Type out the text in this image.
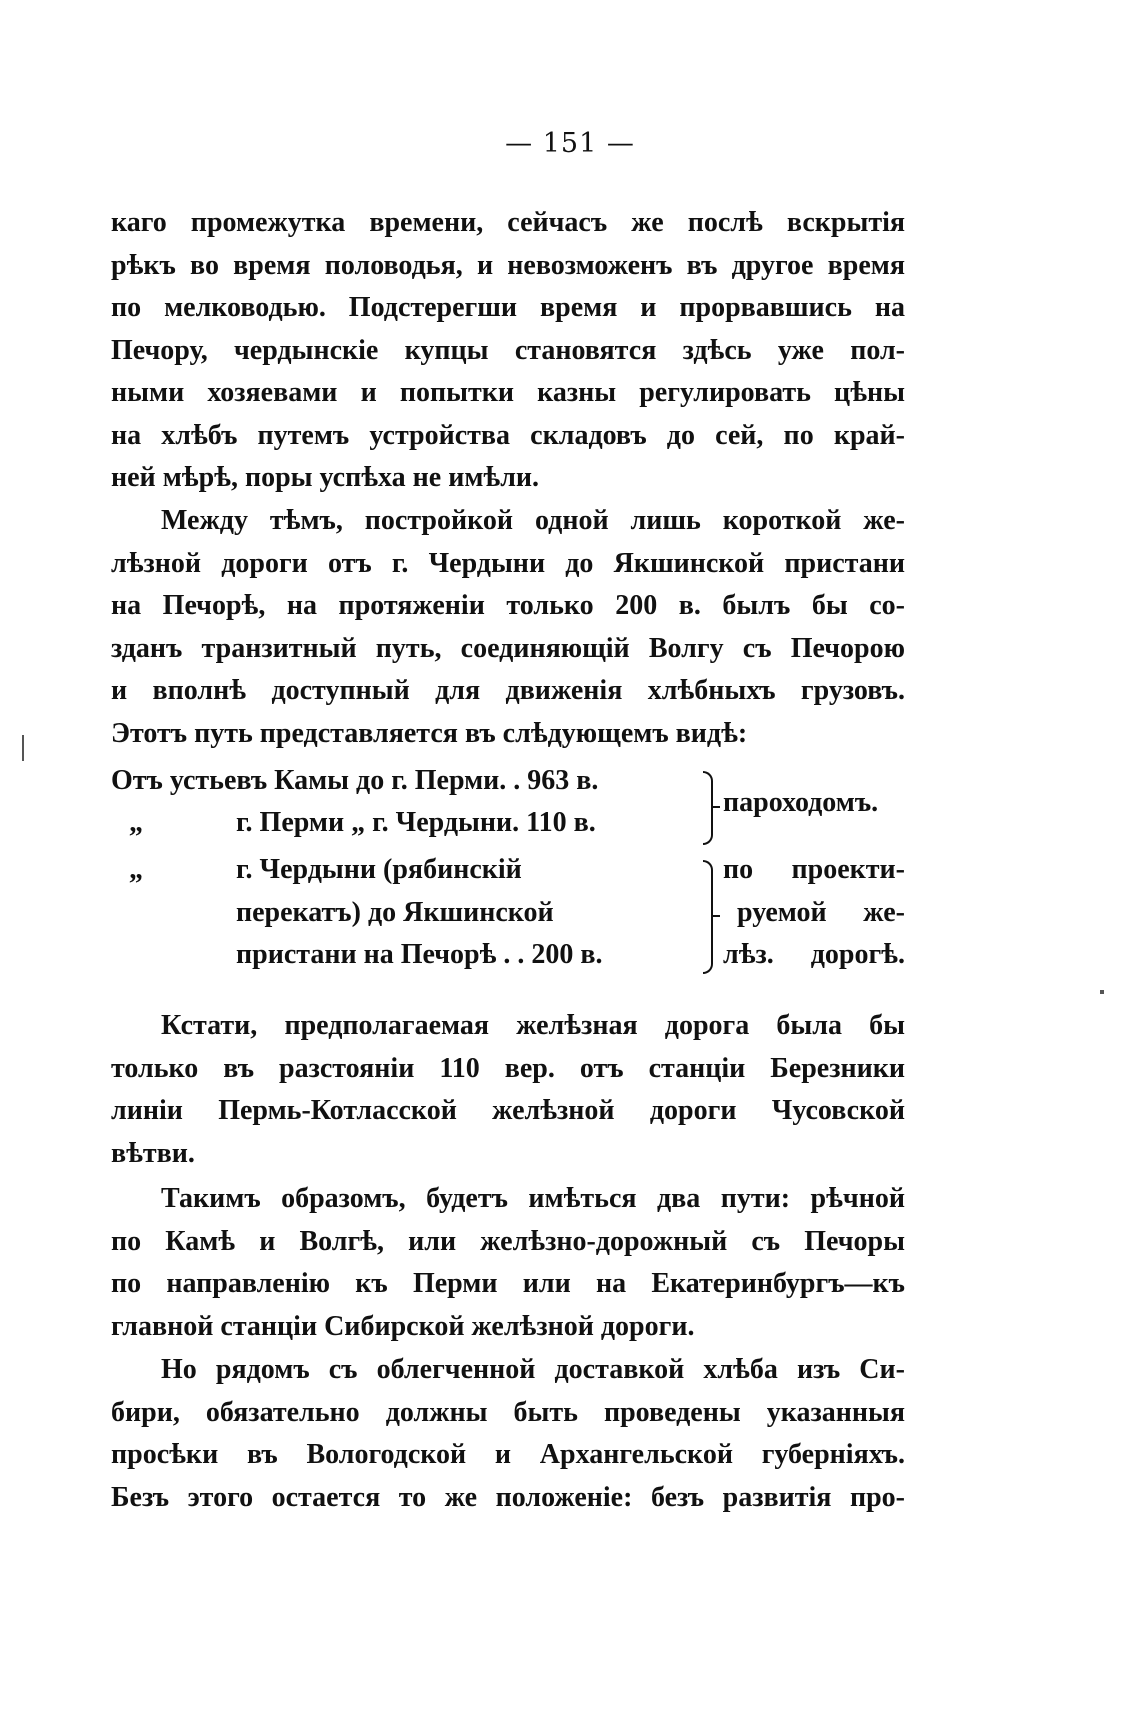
— 151 —
каго промежутка времени, сейчасъ же послѣ вскрытія
рѣкъ во время половодья, и невозможенъ въ другое время
по мелководью. Подстерегши время и прорвавшись на
Печору, чердынскіе купцы становятся здѣсь уже пол-
ными хозяевами и попытки казны регулировать цѣны
на хлѣбъ путемъ устройства складовъ до сей, по край-
ней мѣрѣ, поры успѣха не имѣли.
Между тѣмъ, постройкой одной лишь короткой же-
лѣзной дороги отъ г. Чердыни до Якшинской пристани
на Печорѣ, на протяженіи только 200 в. былъ бы со-
зданъ транзитный путь, соединяющій Волгу съ Печорою
и вполнѣ доступный для движенія хлѣбныхъ грузовъ.
Этотъ путь представляется въ слѣдующемъ видѣ:
Отъ устьевъ Камы до г. Перми. . 963 в.
„	г. Перми „ г. Чердыни. 110 в.
пароходомъ.
„	г. Чердыни (рябинскій
перекатъ) до Якшинской
пристани на Печорѣ . . 200 в.
по проекти-
руемой же-
лѣз. дорогѣ.
Кстати, предполагаемая желѣзная дорога была бы
только въ разстояніи 110 вер. отъ станціи Березники
линіи Пермь-Котласской желѣзной дороги Чусовской
вѣтви.
Такимъ образомъ, будетъ имѣться два пути: рѣчной
по Камѣ и Волгѣ, или желѣзно-дорожный съ Печоры
по направленію къ Перми или на Екатеринбургъ—къ
главной станціи Сибирской желѣзной дороги.
Но рядомъ съ облегченной доставкой хлѣба изъ Си-
бири, обязательно должны быть проведены указанныя
просѣки въ Вологодской и Архангельской губерніяхъ.
Безъ этого остается то же положеніе: безъ развитія про-
